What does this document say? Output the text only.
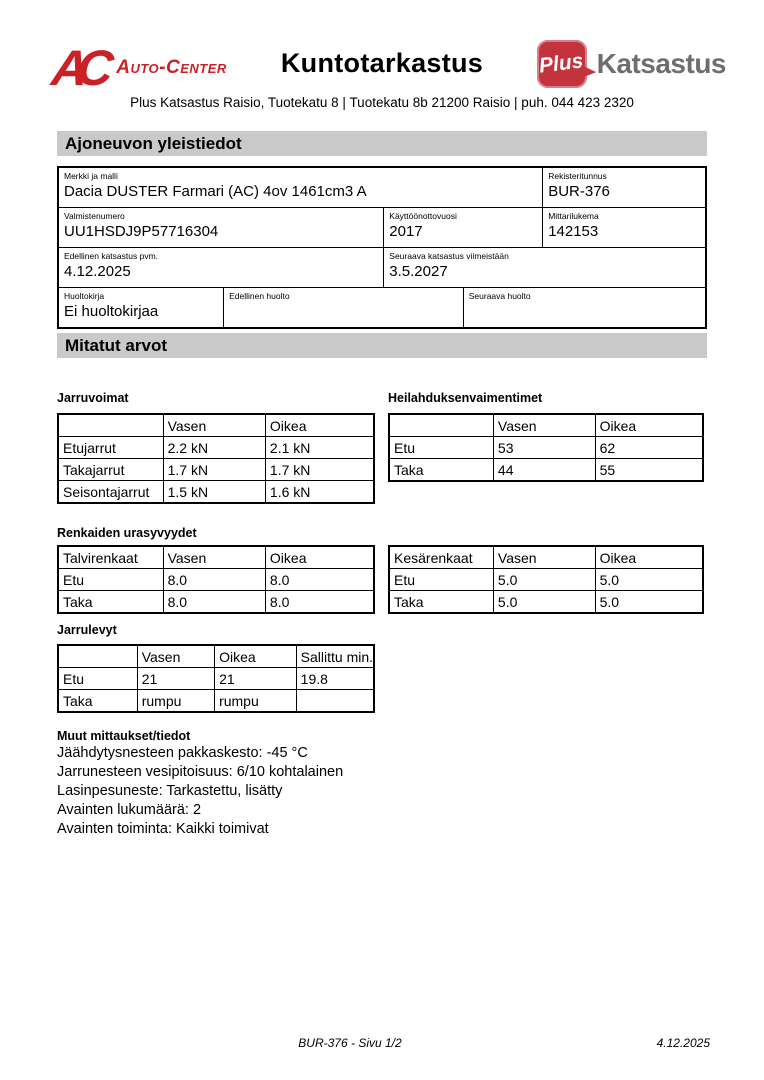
AC Auto-Center	Kuntotarkastus	Plus Katsastus
Plus Katsastus Raisio, Tuotekatu 8 | Tuotekatu 8b 21200 Raisio | puh. 044 423 2320
Ajoneuvon yleistiedot
Merkki ja malli
Dacia DUSTER Farmari (AC) 4ov 1461cm3 A
Rekisteritunnus
BUR-376
Valmistenumero
UU1HSDJ9P57716304
Käyttöönottovuosi
2017
Mittarilukema
142153
Edellinen katsastus pvm.
4.12.2025
Seuraava katsastus viimeistään
3.5.2027
Huoltokirja
Ei huoltokirjaa
Edellinen huolto	Seuraava huolto
Mitatut arvot
Jarruvoimat
	Vasen	Oikea
Etujarrut	2.2 kN	2.1 kN
Takajarrut	1.7 kN	1.7 kN
Seisontajarrut	1.5 kN	1.6 kN
Heilahduksenvaimentimet
	Vasen	Oikea
Etu	53	62
Taka	44	55
Renkaiden urasyvyydet
Talvirenkaat	Vasen	Oikea
Etu	8.0	8.0
Taka	8.0	8.0
Kesärenkaat	Vasen	Oikea
Etu	5.0	5.0
Taka	5.0	5.0
Jarrulevyt
	Vasen	Oikea	Sallittu min.
Etu	21	21	19.8
Taka	rumpu	rumpu	
Muut mittaukset/tiedot
Jäähdytysnesteen pakkaskesto: -45 °C
Jarrunesteen vesipitoisuus: 6/10 kohtalainen
Lasinpesuneste: Tarkastettu, lisätty
Avainten lukumäärä: 2
Avainten toiminta: Kaikki toimivat
BUR-376 - Sivu 1/2	4.12.2025
